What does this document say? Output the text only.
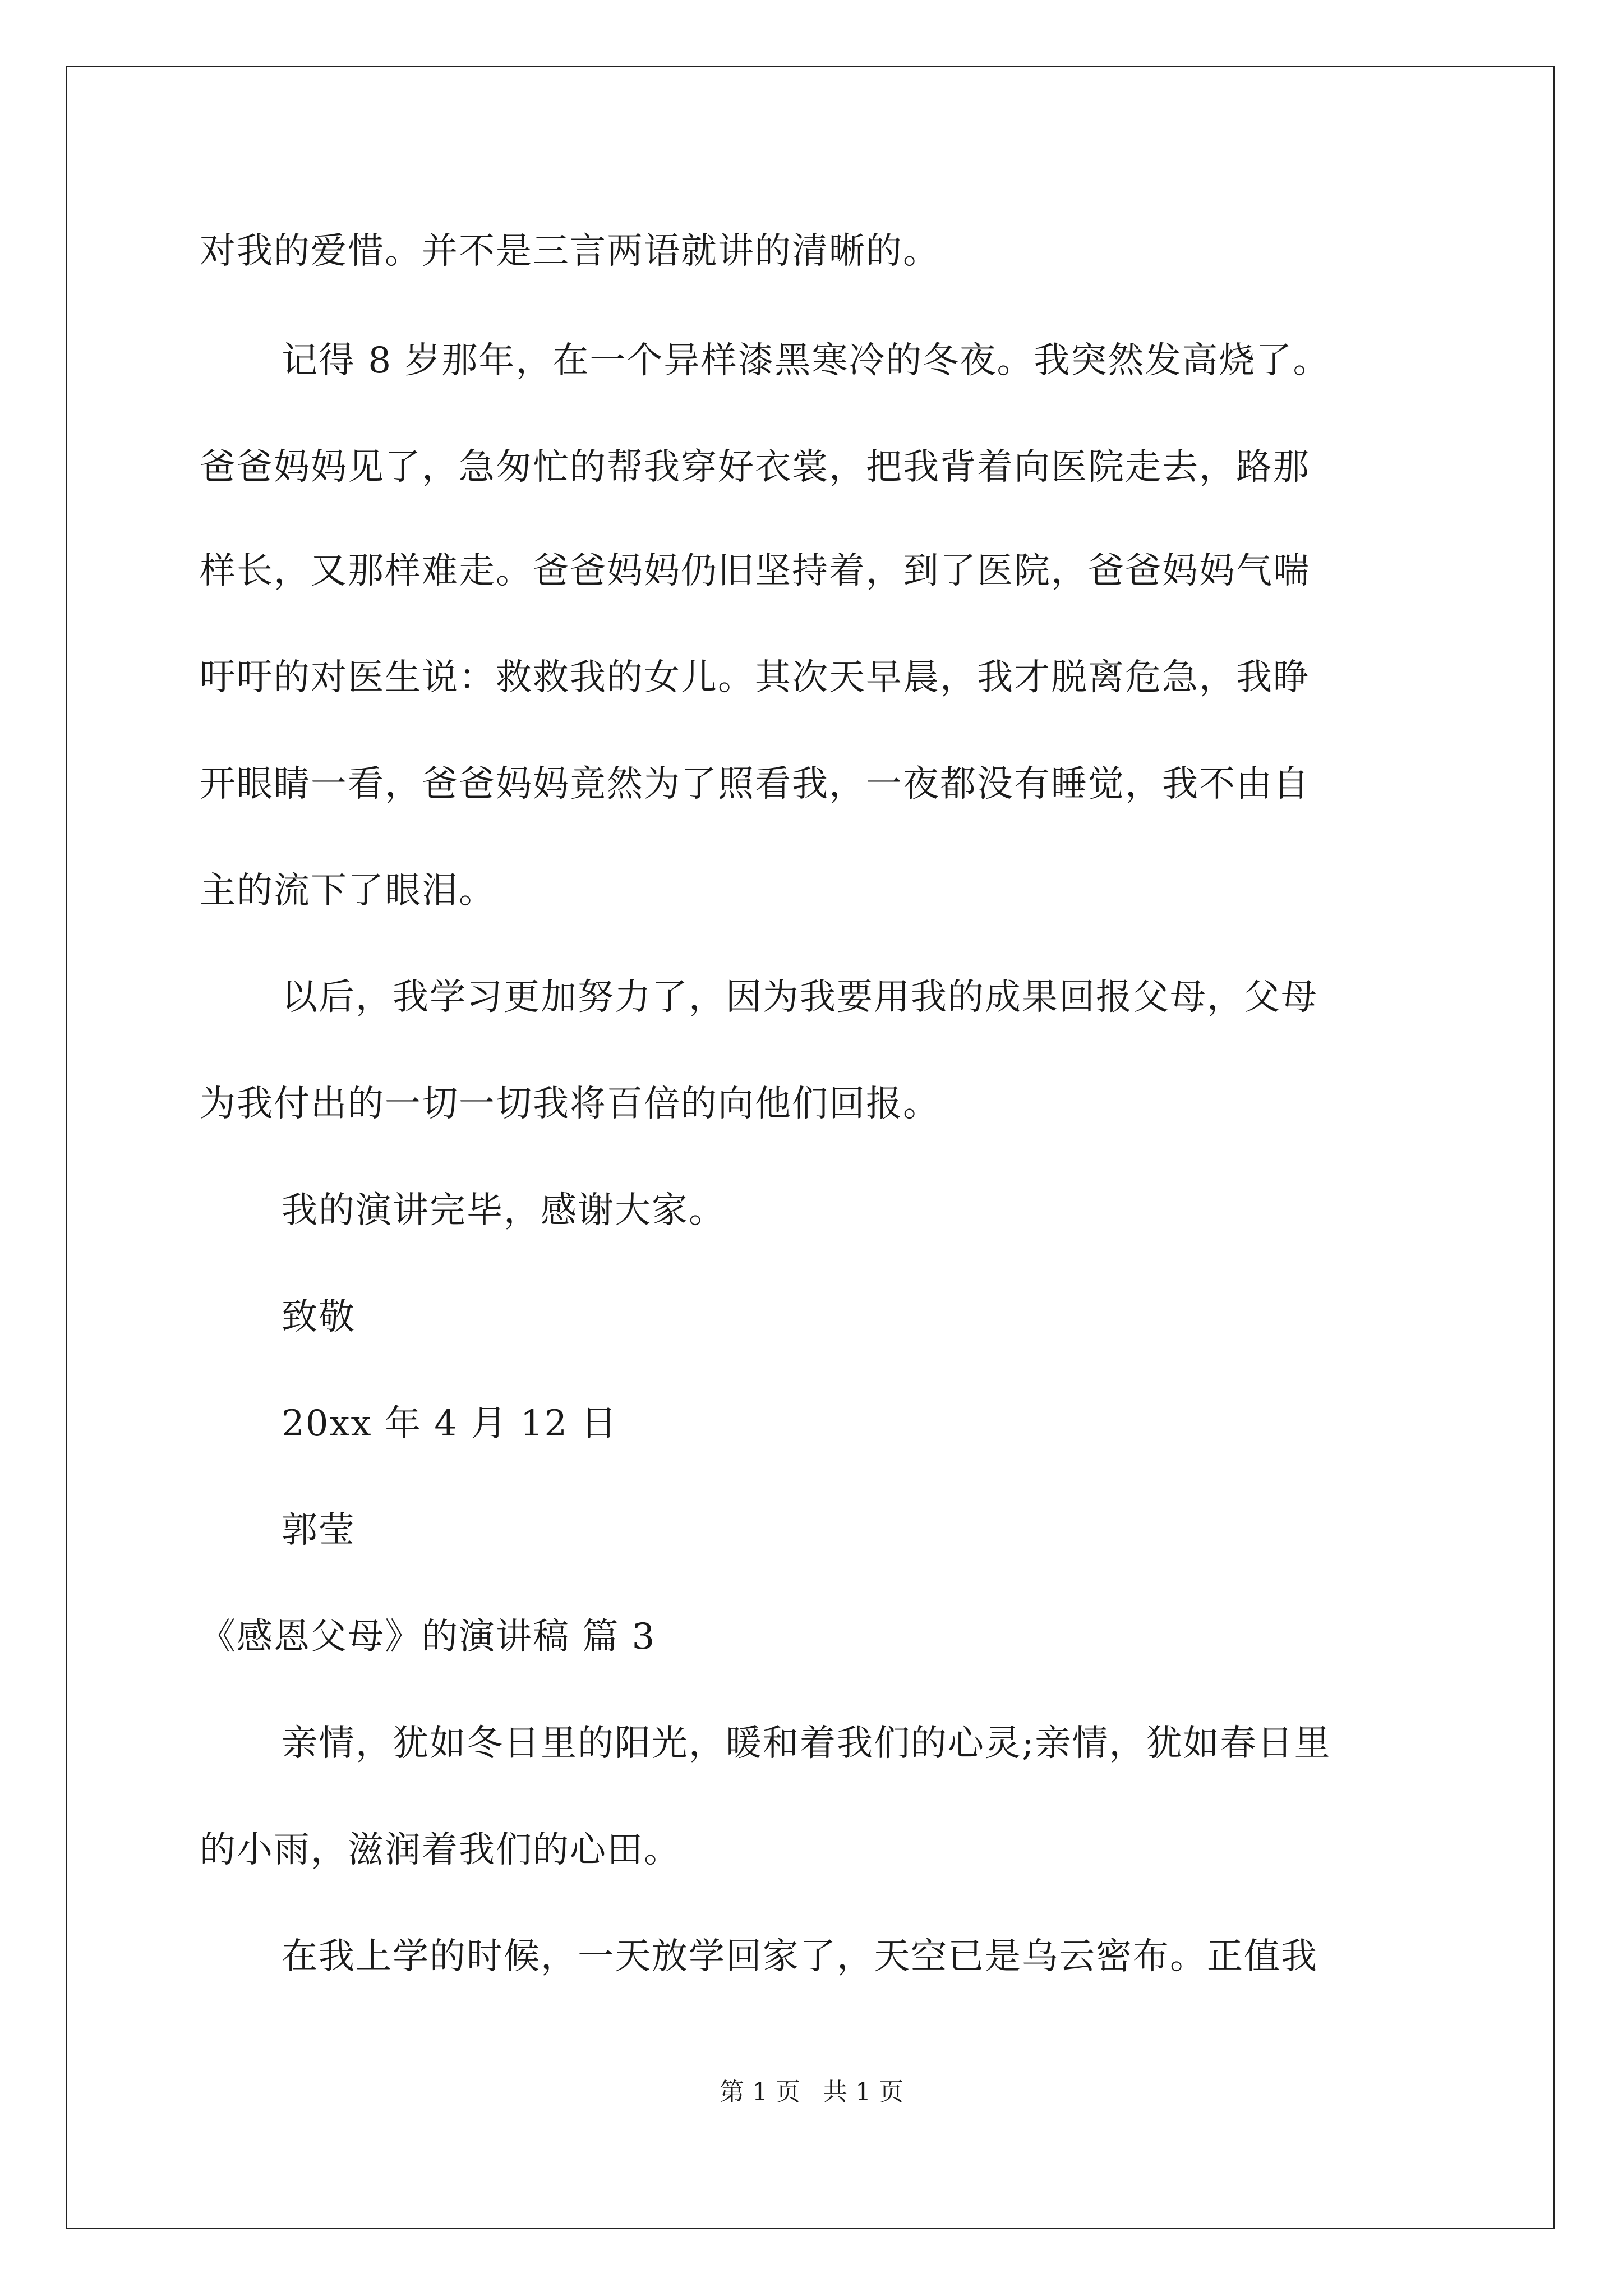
对我的爱惜。并不是三言两语就讲的清晰的。
记得 8 岁那年，在一个异样漆黑寒冷的冬夜。我突然发高烧了。
爸爸妈妈见了，急匆忙的帮我穿好衣裳，把我背着向医院走去，路那
样长，又那样难走。爸爸妈妈仍旧坚持着，到了医院，爸爸妈妈气喘
吁吁的对医生说：救救我的女儿。其次天早晨，我才脱离危急，我睁
开眼睛一看，爸爸妈妈竟然为了照看我，一夜都没有睡觉，我不由自
主的流下了眼泪。
以后，我学习更加努力了，因为我要用我的成果回报父母，父母
为我付出的一切一切我将百倍的向他们回报。
我的演讲完毕，感谢大家。
致敬
20xx 年 4 月 12 日
郭莹
《感恩父母》的演讲稿 篇 3
亲情，犹如冬日里的阳光，暖和着我们的心灵;亲情，犹如春日里
的小雨，滋润着我们的心田。
在我上学的时候，一天放学回家了，天空已是乌云密布。正值我
第 1 页 共 1 页
